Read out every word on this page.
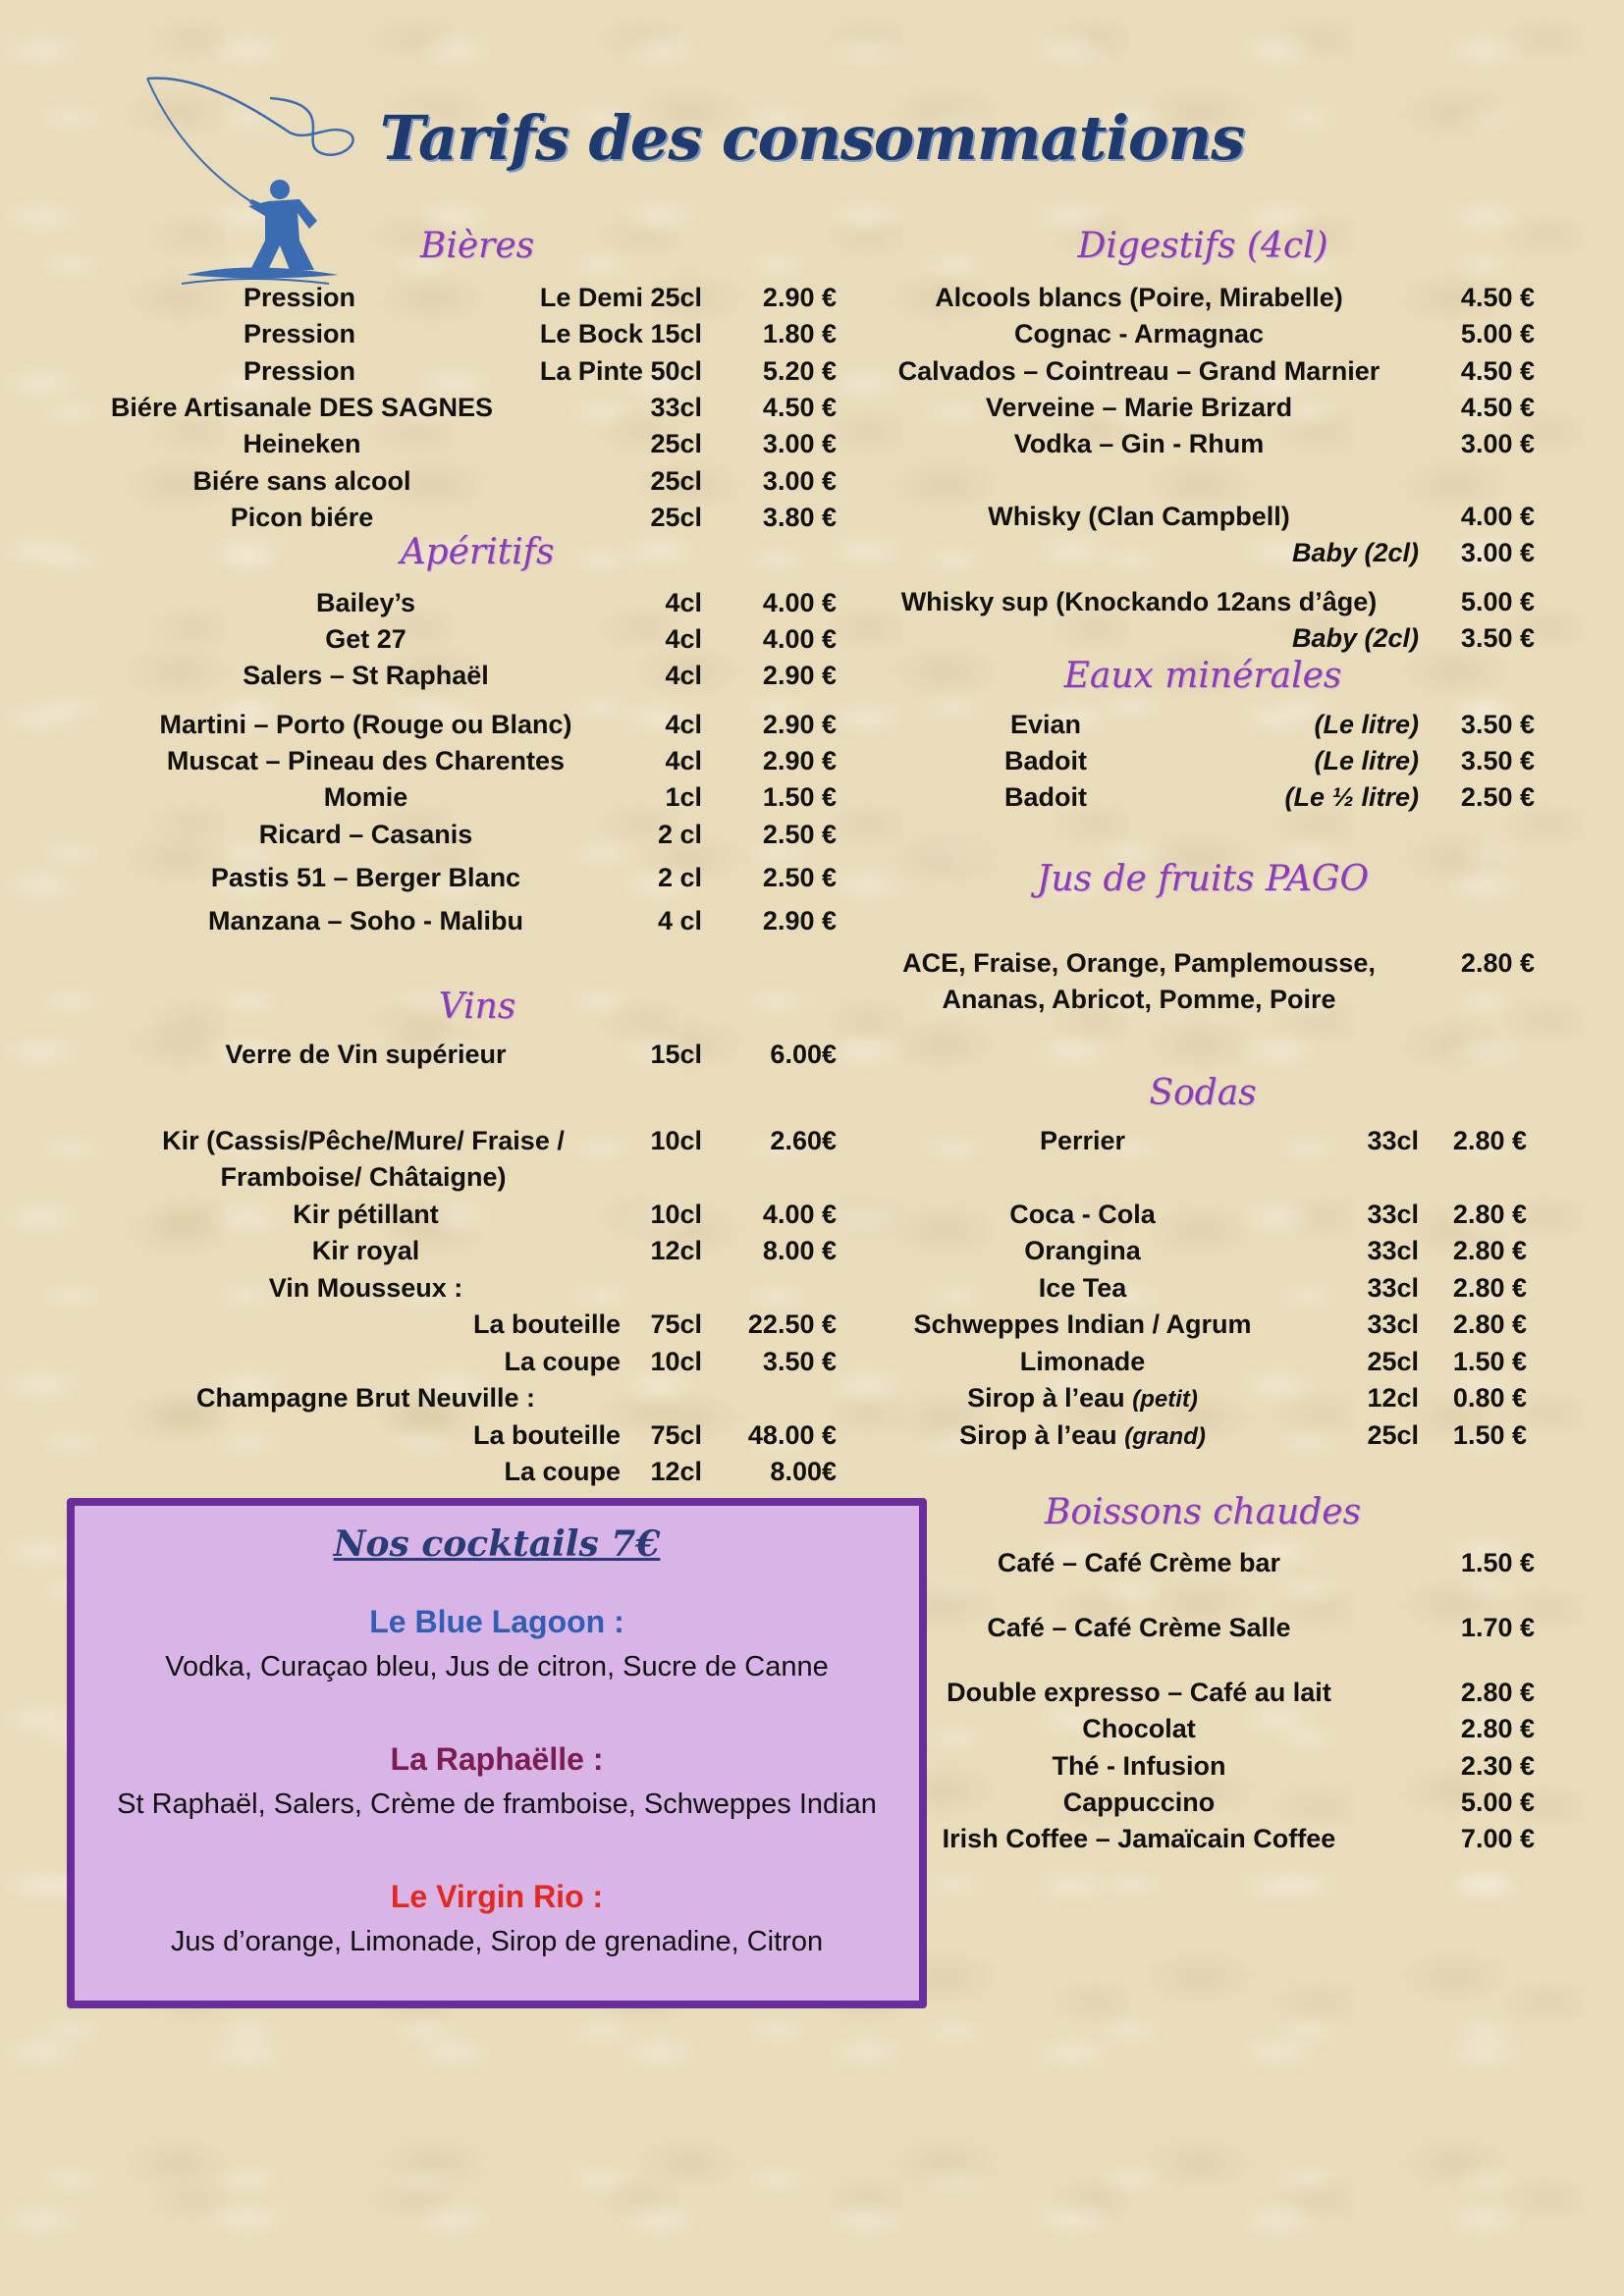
Tarifs des consommations
Bières
Pression	Le Demi 25cl	2.90 €
Pression	Le Bock 15cl	1.80 €
Pression	La Pinte 50cl	5.20 €
Biére Artisanale DES SAGNES	33cl	4.50 €
Heineken	25cl	3.00 €
Biére sans alcool	25cl	3.00 €
Picon biére	25cl	3.80 €
Apéritifs
Bailey’s	4cl	4.00 €
Get 27	4cl	4.00 €
Salers – St Raphaël	4cl	2.90 €
Martini – Porto (Rouge ou Blanc)	4cl	2.90 €
Muscat – Pineau des Charentes	4cl	2.90 €
Momie	1cl	1.50 €
Ricard – Casanis	2 cl	2.50 €
Pastis 51 – Berger Blanc	2 cl	2.50 €
Manzana – Soho - Malibu	4 cl	2.90 €
Vins
Verre de Vin supérieur	15cl	6.00€
Kir (Cassis/Pêche/Mure/ Fraise /
Framboise/ Châtaigne)
10cl	2.60€
Kir pétillant	10cl	4.00 €
Kir royal	12cl	8.00 €
Vin Mousseux :
La bouteille	75cl	22.50 €
La coupe	10cl	3.50 €
Champagne Brut Neuville :
La bouteille	75cl	48.00 €
La coupe	12cl	8.00€
Nos cocktails 7€
Le Blue Lagoon :
Vodka, Curaçao bleu, Jus de citron, Sucre de Canne
La Raphaëlle :
St Raphaël, Salers, Crème de framboise, Schweppes Indian
Le Virgin Rio :
Jus d’orange, Limonade, Sirop de grenadine, Citron
Digestifs (4cl)
Alcools blancs (Poire, Mirabelle)	4.50 €
Cognac - Armagnac	5.00 €
Calvados – Cointreau – Grand Marnier	4.50 €
Verveine – Marie Brizard	4.50 €
Vodka – Gin - Rhum	3.00 €
Whisky (Clan Campbell)	4.00 €
Baby (2cl)	3.00 €
Whisky sup (Knockando 12ans d’âge)	5.00 €
Baby (2cl)	3.50 €
Eaux minérales
Evian	(Le litre)	3.50 €
Badoit	(Le litre)	3.50 €
Badoit	(Le ½ litre)	2.50 €
Jus de fruits PAGO
ACE, Fraise, Orange, Pamplemousse,
Ananas, Abricot, Pomme, Poire
2.80 €
Sodas
Perrier	33cl	2.80 €
Coca - Cola	33cl	2.80 €
Orangina	33cl	2.80 €
Ice Tea	33cl	2.80 €
Schweppes Indian / Agrum	33cl	2.80 €
Limonade	25cl	1.50 €
Sirop à l’eau (petit)	12cl	0.80 €
Sirop à l’eau (grand)	25cl	1.50 €
Boissons chaudes
Café – Café Crème bar	1.50 €
Café – Café Crème Salle	1.70 €
Double expresso – Café au lait	2.80 €
Chocolat	2.80 €
Thé - Infusion	2.30 €
Cappuccino	5.00 €
Irish Coffee – Jamaïcain Coffee	7.00 €
